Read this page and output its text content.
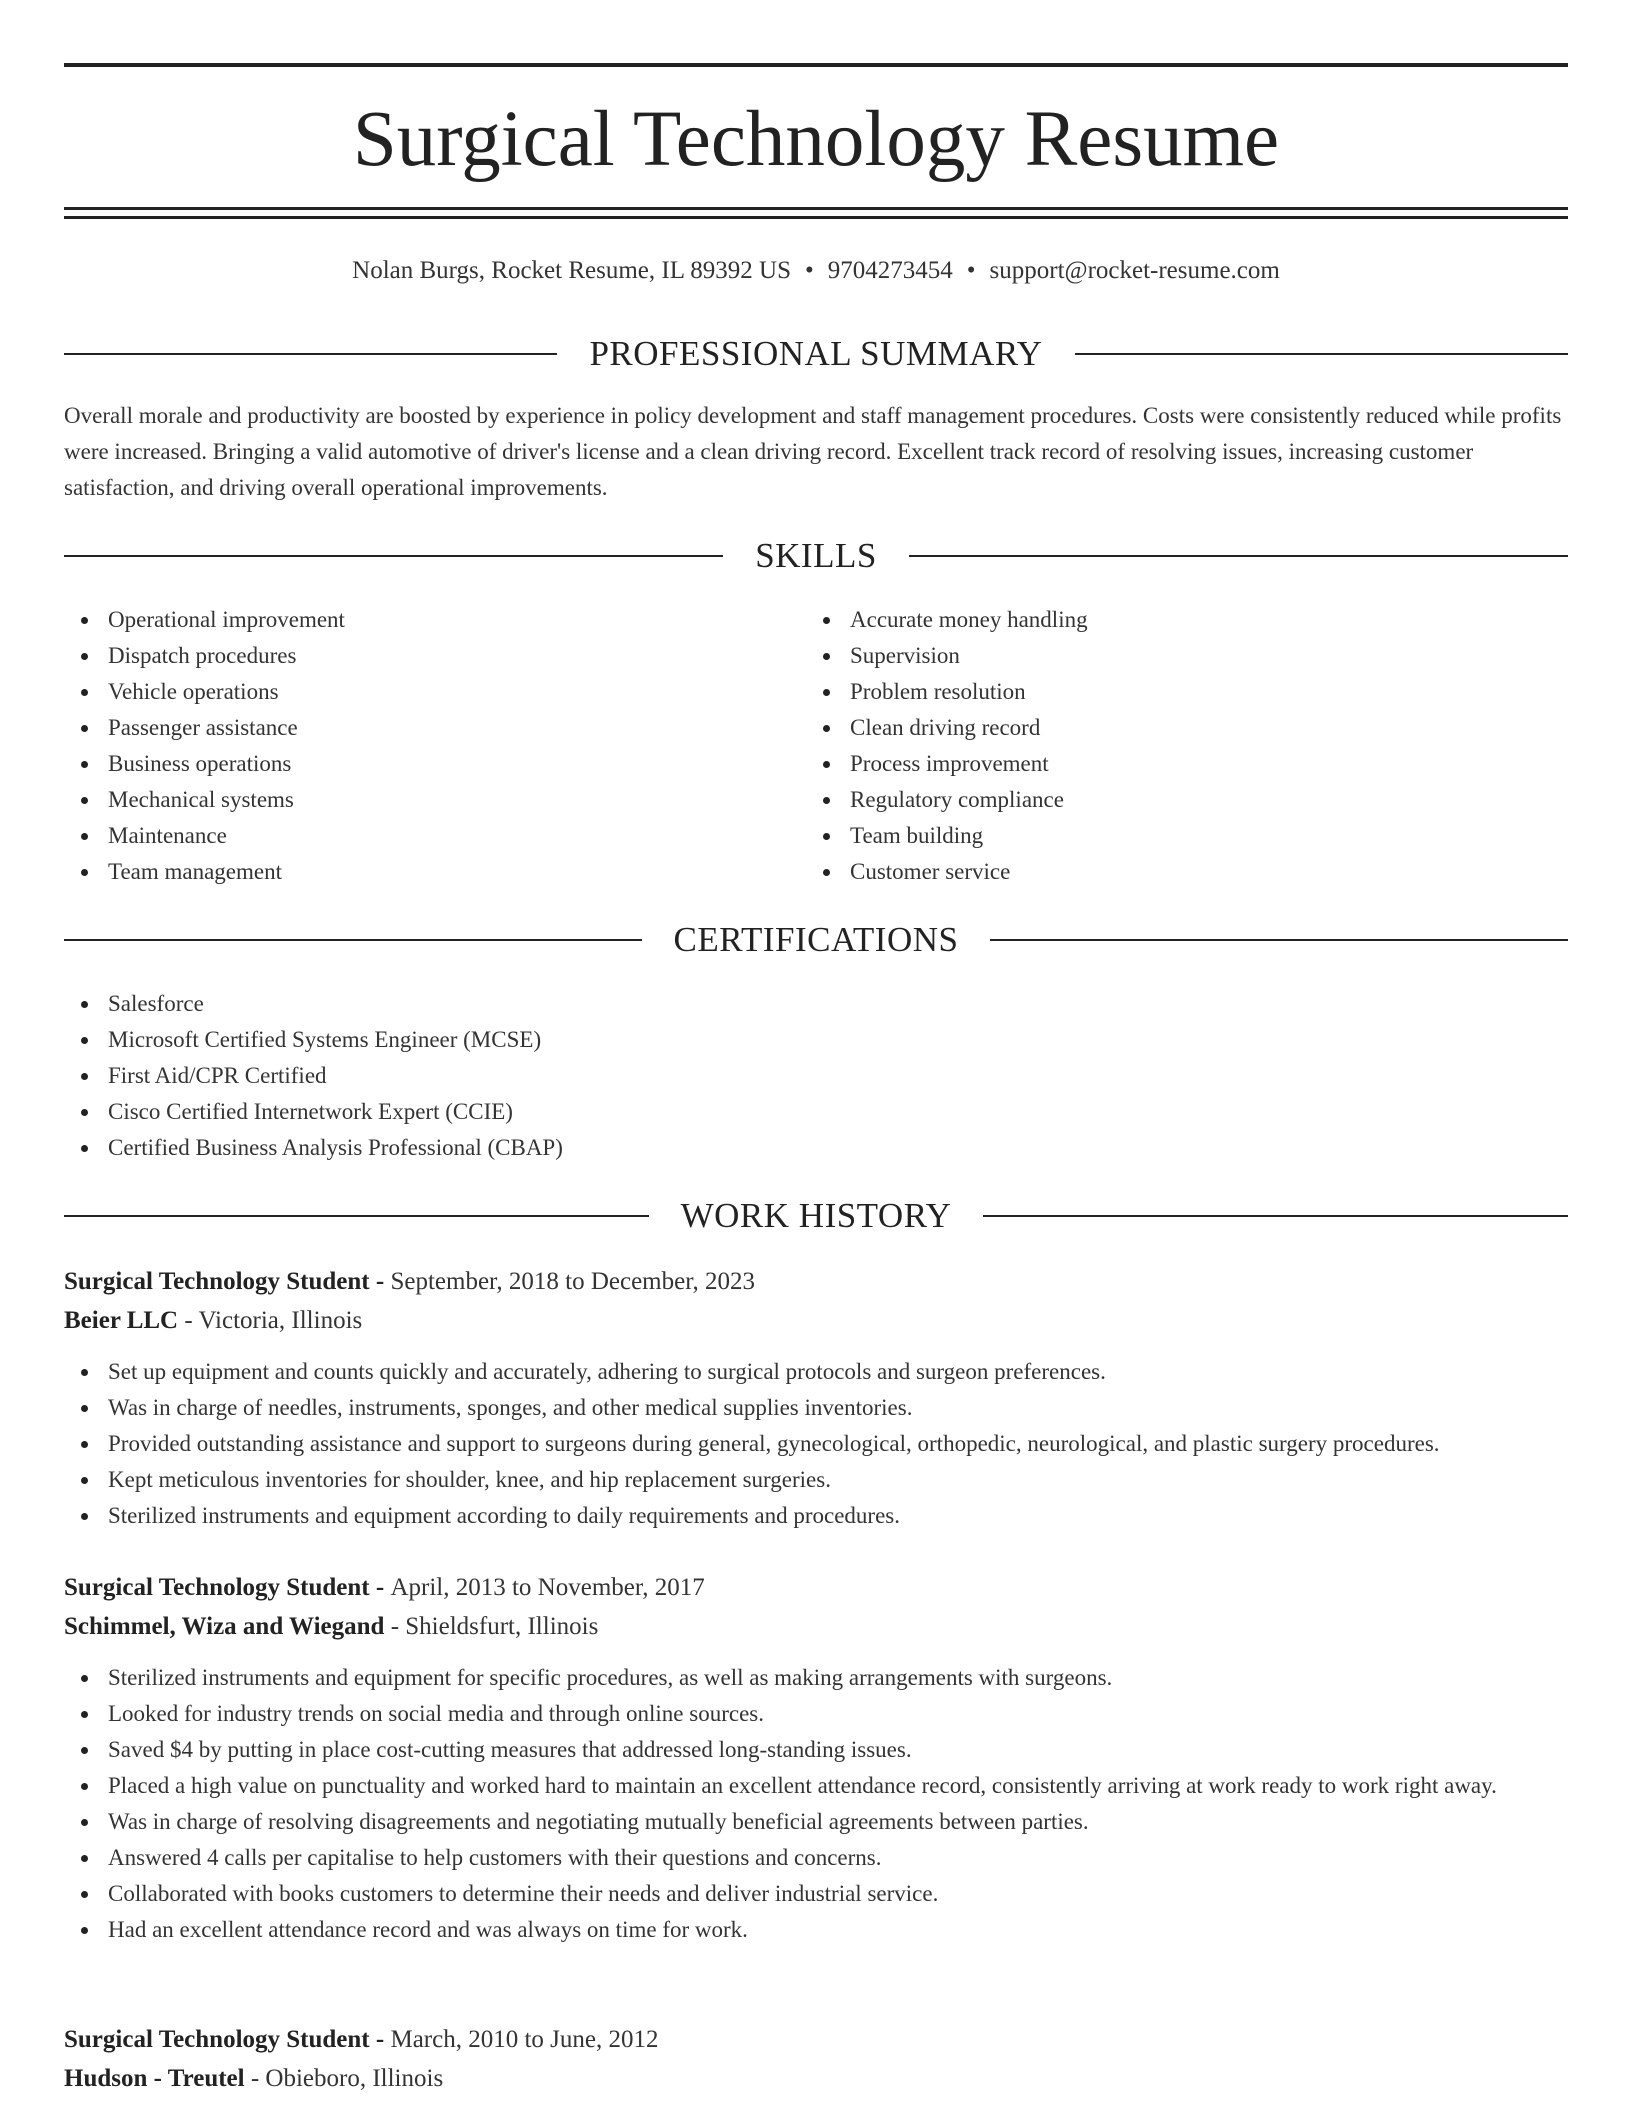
Surgical Technology Resume
Nolan Burgs, Rocket Resume, IL 89392 US • 9704273454 • support@rocket-resume.com
PROFESSIONAL SUMMARY

Overall morale and productivity are boosted by experience in policy development and staff management procedures. Costs were consistently reduced while profits were increased. Bringing a valid automotive of driver's license and a clean driving record. Excellent track record of resolving issues, increasing customer satisfaction, and driving overall operational improvements.

SKILLS
Operational improvement
Dispatch procedures
Vehicle operations
Passenger assistance
Business operations
Mechanical systems
Maintenance
Team management
Accurate money handling
Supervision
Problem resolution
Clean driving record
Process improvement
Regulatory compliance
Team building
Customer service
CERTIFICATIONS
Salesforce
Microsoft Certified Systems Engineer (MCSE)
First Aid/CPR Certified
Cisco Certified Internetwork Expert (CCIE)
Certified Business Analysis Professional (CBAP)
WORK HISTORY
Surgical Technology Student - September, 2018 to December, 2023
Beier LLC - Victoria, Illinois
Set up equipment and counts quickly and accurately, adhering to surgical protocols and surgeon preferences.
Was in charge of needles, instruments, sponges, and other medical supplies inventories.
Provided outstanding assistance and support to surgeons during general, gynecological, orthopedic, neurological, and plastic surgery procedures.
Kept meticulous inventories for shoulder, knee, and hip replacement surgeries.
Sterilized instruments and equipment according to daily requirements and procedures.
Surgical Technology Student - April, 2013 to November, 2017
Schimmel, Wiza and Wiegand - Shieldsfurt, Illinois
Sterilized instruments and equipment for specific procedures, as well as making arrangements with surgeons.
Looked for industry trends on social media and through online sources.
Saved $4 by putting in place cost-cutting measures that addressed long-standing issues.
Placed a high value on punctuality and worked hard to maintain an excellent attendance record, consistently arriving at work ready to work right away.
Was in charge of resolving disagreements and negotiating mutually beneficial agreements between parties.
Answered 4 calls per capitalise to help customers with their questions and concerns.
Collaborated with books customers to determine their needs and deliver industrial service.
Had an excellent attendance record and was always on time for work.
Surgical Technology Student - March, 2010 to June, 2012
Hudson - Treutel - Obieboro, Illinois
